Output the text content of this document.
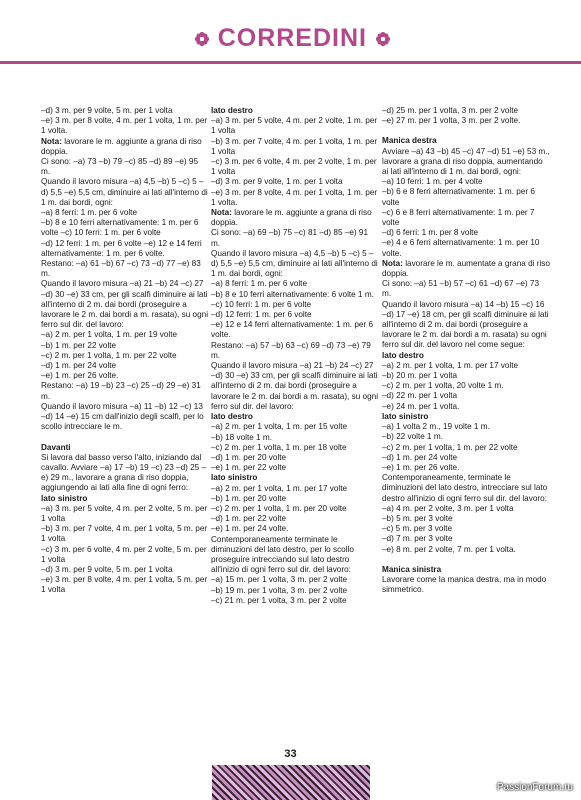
CORREDINI

–d) 3 m. per 9 volte, 5 m. per 1 volta
–e) 3 m. per 8 volte, 4 m. per 1 volta, 1 m. per 1 volta.

Nota: lavorare le m. aggiunte a grana di riso doppia.

Ci sono: –a) 73 –b) 79 –c) 85 –d) 89 –e) 95 m.
Quando il lavoro misura –a) 4,5 –b) 5 –c) 5 –d) 5,5 –e) 5,5 cm, diminuire ai lati all'interno di 1 m. dai bordi, ogni:
–a) 8 ferri: 1 m. per 6 volte
–b) 8 e 10 ferri alternativamente: 1 m. per 6 volte –c) 10 ferri: 1 m. per 6 volte
–d) 12 ferri: 1 m. per 6 volte –e) 12 e 14 ferri alternativamente: 1 m. per 6 volte.
Restano: –a) 61 –b) 67 –c) 73 –d) 77 –e) 83 m.
Quando il lavoro misura –a) 21 –b) 24 –c) 27 –d) 30 –e) 33 cm, per gli scalfi diminuire ai lati all'interno di 2 m. dai bordi (proseguire a lavorare le 2 m. dai bordi a m. rasata), su ogni ferro sul dir. del lavoro:
–a) 2 m. per 1 volta, 1 m. per 19 volte
–b) 1 m. per 22 volte
–c) 2 m. per 1 volta, 1 m. per 22 volte
–d) 1 m. per 24 volte
–e) 1 m. per 26 volte.
Restano: –a) 19 –b) 23 –c) 25 –d) 29 –e) 31 m.
Quando il lavoro misura –a) 11 –b) 12 –c) 13 –d) 14 –e) 15 cm dall'inizio degli scalfi, per lo scollo intrecciare le m.

Davanti

Si lavora dal basso verso l'alto, iniziando dal cavallo. Avviare –a) 17 –b) 19 –c) 23 –d) 25 –e) 29 m., lavorare a grana di riso doppia, aggiungendo ai lati alla fine di ogni ferro:

lato sinistro

–a) 3 m. per 5 volte, 4 m. per 2 volte, 5 m. per 1 volta
–b) 3 m. per 7 volte, 4 m. per 1 volta, 5 m. per 1 volta
–c) 3 m. per 6 volte, 4 m. per 2 volte, 5 m. per 1 volta
–d) 3 m. per 9 volte, 5 m. per 1 volta
–e) 3 m. per 8 volte, 4 m. per 1 volta, 5 m. per 1 volta

lato destro

–a) 3 m. per 5 volte, 4 m. per 2 volte, 1 m. per 1 volta
–b) 3 m. per 7 volte, 4 m. per 1 volta, 1 m. per 1 volta
–c) 3 m. per 6 volte, 4 m. per 2 volte, 1 m. per 1 volta
–d) 3 m. per 9 volte, 1 m. per 1 volta
–e) 3 m. per 8 volte, 4 m. per 1 volta, 1 m. per 1 volta.

Nota: lavorare le m. aggiunte a grana di riso doppia.

Ci sono: –a) 69 –b) 75 –c) 81 –d) 85 –e) 91 m.
Quando il lavoro misura –a) 4,5 –b) 5 –c) 5 –d) 5,5 –e) 5,5 cm, diminuire ai lati all'interno di 1 m. dai bordi, ogni:
–a) 8 ferri: 1 m. per 6 volte
–b) 8 e 10 ferri alternativamente: 6 volte 1 m.
–c) 10 ferri: 1 m. per 6 volte
–d) 12 ferri: 1 m. per 6 volte
–e) 12 e 14 ferri alternativamente: 1 m. per 6 volte.
Restano: –a) 57 –b) 63 –c) 69 –d) 73 –e) 79 m.
Quando il lavoro misura –a) 21 –b) 24 –c) 27 –d) 30 –e) 33 cm, per gli scalfi diminuire ai lati all'interno di 2 m. dai bordi (proseguire a lavorare le 2 m. dai bordi a m. rasata), su ogni ferro sul dir. del lavoro:

lato destro

–a) 2 m. per 1 volta, 1 m. per 15 volte
–b) 18 volte 1 m.
–c) 2 m. per 1 volta, 1 m. per 18 volte
–d) 1 m. per 20 volte
–e) 1 m. per 22 volte

lato sinistro

–a) 2 m. per 1 volta, 1 m. per 17 volte
–b) 1 m. per 20 volte
–c) 2 m. per 1 volta, 1 m. per 20 volte
–d) 1 m. per 22 volte
–e) 1 m. per 24 volte.
Contemporaneamente terminate le diminuzioni del lato destro, per lo scollo proseguire intrecciando sul lato destro all'inizio di ogni ferro sul dir. del lavoro:
–a) 15 m. per 1 volta, 3 m. per 2 volte
–b) 19 m. per 1 volta, 3 m. per 2 volte
–c) 21 m. per 1 volta, 3 m. per 2 volte

–d) 25 m. per 1 volta, 3 m. per 2 volte
–e) 27 m. per 1 volta, 3 m. per 2 volte.

Manica destra

Avviare –a) 43 –b) 45 –c) 47 –d) 51 –e) 53 m., lavorare a grana di riso doppia, aumentando ai lati all'interno di 1 m. dai bordi, ogni:
–a) 10 ferri: 1 m. per 4 volte
–b) 6 e 8 ferri alternativamente: 1 m. per 6 volte
–c) 6 e 8 ferri alternativamente: 1 m. per 7 volte
–d) 6 ferri: 1 m. per 8 volte
–e) 4 e 6 ferri alternativamente: 1 m. per 10 volte.

Nota: lavorare le m. aumentate a grana di riso doppia.

Ci sono: –a) 51 –b) 57 –c) 61 –d) 67 –e) 73 m.
Quando il lavoro misura –a) 14 –b) 15 –c) 16 –d) 17 –e) 18 cm, per gli scalfi diminuire ai lati all'interno di 2 m. dai bordi (proseguire a lavorare le 2 m. dai bordi a m. rasata) su ogni ferro sul dir. del lavoro nel come segue:

lato destro

–a) 2 m. per 1 volta, 1 m. per 17 volte
–b) 20 m. per 1 volta
–c) 2 m. per 1 volta, 20 volte 1 m.
–d) 22 m. per 1 volta
–e) 24 m. per 1 volta.

lato sinistro

–a) 1 volta 2 m., 19 volte 1 m.
–b) 22 volte 1 m.
–c) 2 m. per 1 volta, 1 m. per 22 volte
–d) 1 m. per 24 volte
–e) 1 m. per 26 volte.
Contemporaneamente, terminate le diminuzioni del lato destro, intrecciare sul lato destro all'inizio di ogni ferro sul dir. del lavoro:
–a) 4 m. per 2 volte, 3 m. per 1 volta
–b) 5 m. per 3 volte
–c) 5 m. per 3 volte
–d) 7 m. per 3 volte
–e) 8 m. per 2 volte, 7 m. per 1 volta.

Manica sinistra

Lavorare come la manica destra, ma in modo simmetrico.

33
PassionForum.ru
